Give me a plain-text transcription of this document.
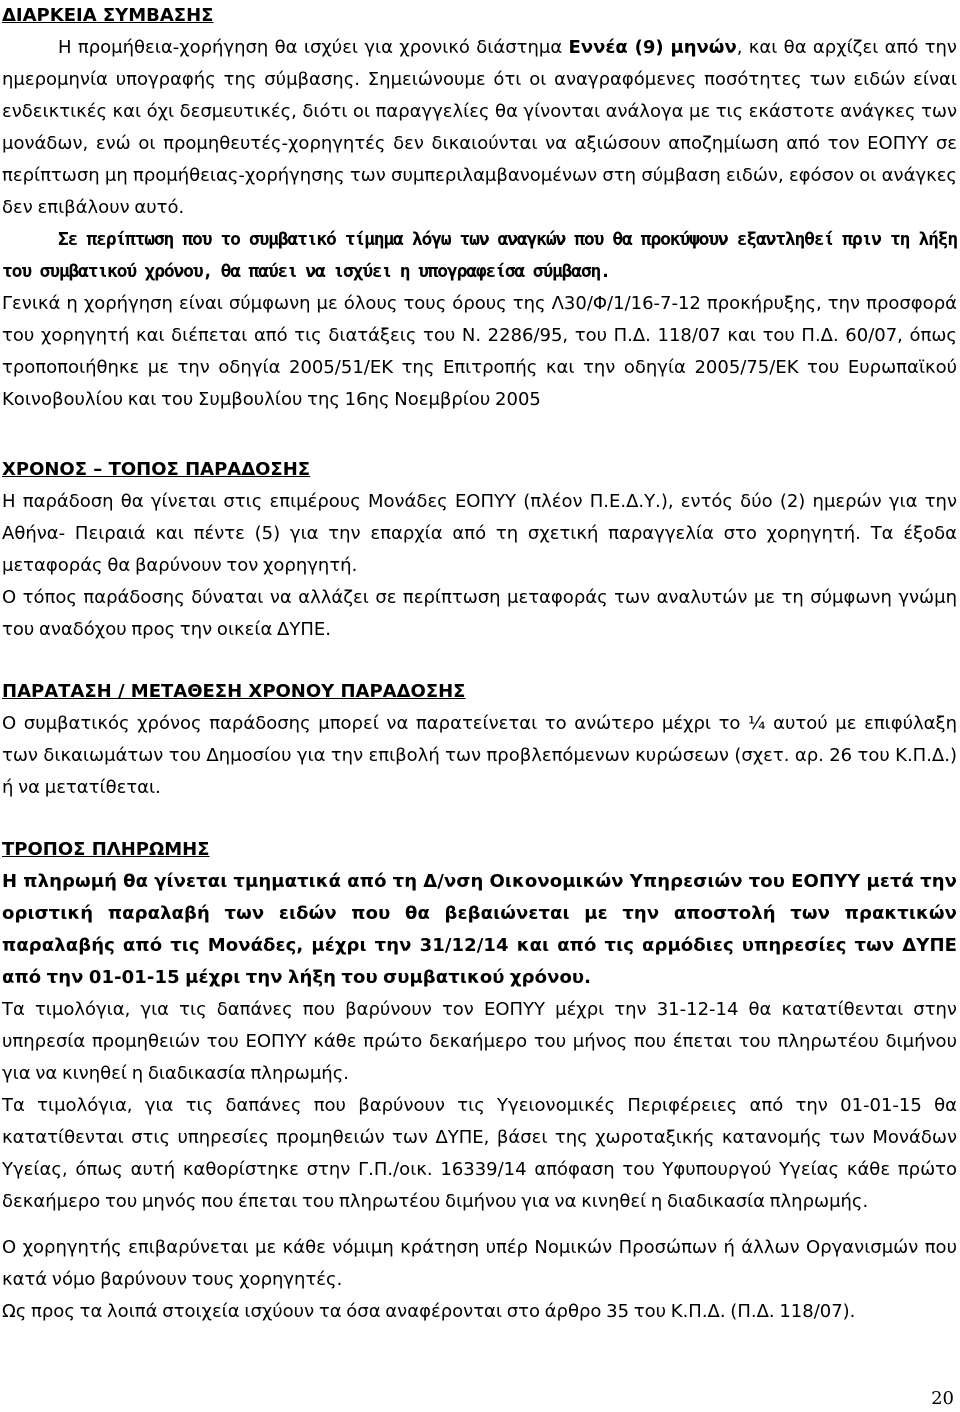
ΔΙΑΡΚΕΙΑ ΣΥΜΒΑΣΗΣ

Η προμήθεια-χορήγηση θα ισχύει για χρονικό διάστημα Εννέα (9) μηνών, και θα αρχίζει από την ημερομηνία υπογραφής της σύμβασης. Σημειώνουμε ότι οι αναγραφόμενες ποσότητες των ειδών είναι ενδεικτικές και όχι δεσμευτικές, διότι οι παραγγελίες θα γίνονται ανάλογα με τις εκάστοτε ανάγκες των μονάδων, ενώ οι προμηθευτές-χορηγητές δεν δικαιούνται να αξιώσουν αποζημίωση από τον ΕΟΠΥΥ σε περίπτωση μη προμήθειας-χορήγησης των συμπεριλαμβανομένων στη σύμβαση ειδών, εφόσον οι ανάγκες δεν επιβάλουν αυτό.

Σε περίπτωση που το συμβατικό τίμημα λόγω των αναγκών που θα προκύψουν εξαντληθεί πριν τη λήξη του συμβατικού χρόνου, θα παύει να ισχύει η υπογραφείσα σύμβαση.

Γενικά η χορήγηση είναι σύμφωνη με όλους τους όρους της Λ30/Φ/1/16-7-12 προκήρυξης, την προσφορά του χορηγητή και διέπεται από τις διατάξεις του Ν. 2286/95, του Π.Δ. 118/07 και του Π.Δ. 60/07, όπως τροποποιήθηκε με την οδηγία 2005/51/ΕΚ της Επιτροπής και την οδηγία 2005/75/ΕΚ του Ευρωπαϊκού Κοινοβουλίου και του Συμβουλίου της 16ης Νοεμβρίου 2005

ΧΡΟΝΟΣ – ΤΟΠΟΣ ΠΑΡΑΔΟΣΗΣ

Η παράδοση θα γίνεται στις επιμέρους Μονάδες ΕΟΠΥΥ (πλέον Π.Ε.Δ.Υ.), εντός δύο (2) ημερών για την Αθήνα- Πειραιά και πέντε (5) για την επαρχία από τη σχετική παραγγελία στο χορηγητή. Τα έξοδα μεταφοράς θα βαρύνουν τον χορηγητή.

Ο τόπος παράδοσης δύναται να αλλάζει σε περίπτωση μεταφοράς των αναλυτών με τη σύμφωνη γνώμη του αναδόχου προς την οικεία ΔΥΠΕ.

ΠΑΡΑΤΑΣΗ / ΜΕΤΑΘΕΣΗ ΧΡΟΝΟΥ ΠΑΡΑΔΟΣΗΣ

Ο συμβατικός χρόνος παράδοσης μπορεί να παρατείνεται το ανώτερο μέχρι το ¼ αυτού με επιφύλαξη των δικαιωμάτων του Δημοσίου για την επιβολή των προβλεπόμενων κυρώσεων (σχετ. αρ. 26 του Κ.Π.Δ.) ή να μετατίθεται.

ΤΡΟΠΟΣ ΠΛΗΡΩΜΗΣ

Η πληρωμή θα γίνεται τμηματικά από τη Δ/νση Οικονομικών Υπηρεσιών του ΕΟΠΥΥ μετά την οριστική παραλαβή των ειδών που θα βεβαιώνεται με την αποστολή των πρακτικών παραλαβής από τις Μονάδες, μέχρι την 31/12/14 και από τις αρμόδιες υπηρεσίες των ΔΥΠΕ από την 01-01-15 μέχρι την λήξη του συμβατικού χρόνου.

Τα τιμολόγια, για τις δαπάνες που βαρύνουν τον ΕΟΠΥΥ μέχρι την 31-12-14 θα κατατίθενται στην υπηρεσία προμηθειών του ΕΟΠΥΥ κάθε πρώτο δεκαήμερο του μήνος που έπεται του πληρωτέου διμήνου για να κινηθεί η διαδικασία πληρωμής.

Τα τιμολόγια, για τις δαπάνες που βαρύνουν τις Υγειονομικές Περιφέρειες από την 01-01-15 θα κατατίθενται στις υπηρεσίες προμηθειών των ΔΥΠΕ, βάσει της χωροταξικής κατανομής των Μονάδων Υγείας, όπως αυτή καθορίστηκε στην Γ.Π./οικ. 16339/14 απόφαση του Υφυπουργού Υγείας κάθε πρώτο δεκαήμερο του μηνός που έπεται του πληρωτέου διμήνου για να κινηθεί η διαδικασία πληρωμής.

Ο χορηγητής επιβαρύνεται με κάθε νόμιμη κράτηση υπέρ Νομικών Προσώπων ή άλλων Οργανισμών που κατά νόμο βαρύνουν τους χορηγητές.

Ως προς τα λοιπά στοιχεία ισχύουν τα όσα αναφέρονται στο άρθρο 35 του Κ.Π.Δ. (Π.Δ. 118/07).

20
